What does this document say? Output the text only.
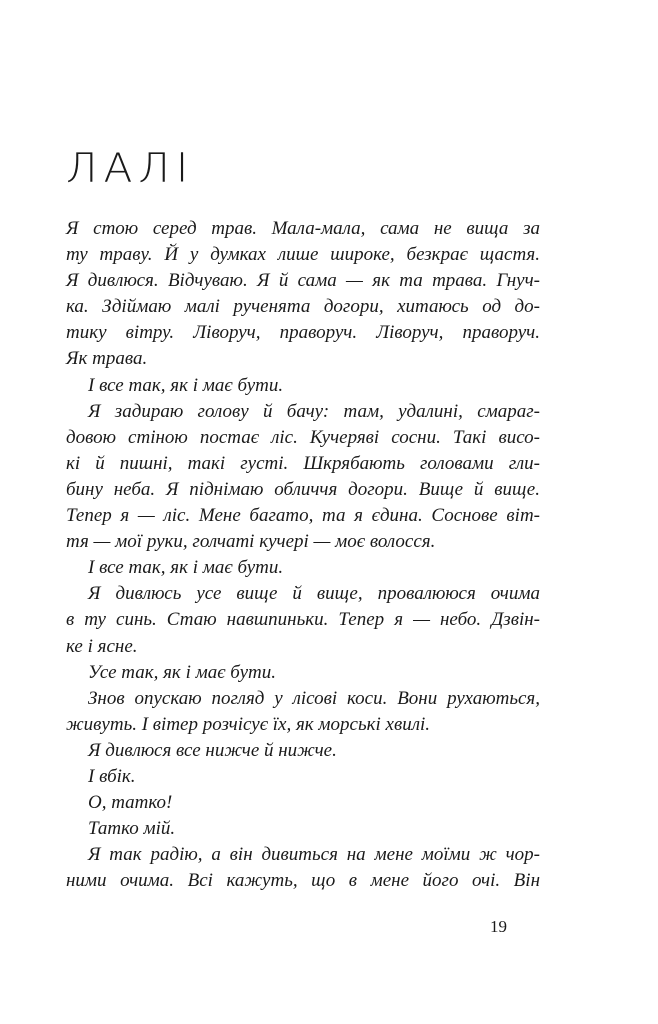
ЛАЛІ
Я стою серед трав. Мала-мала, сама не вища за
ту траву. Й у думках лише широке, безкрає щастя.
Я дивлюся. Відчуваю. Я й сама — як та трава. Гнуч-
ка. Здіймаю малі рученята догори, хитаюсь од до-
тику вітру. Ліворуч, праворуч. Ліворуч, праворуч.
Як трава.
І все так, як і має бути.
Я задираю голову й бачу: там, удалині, смараг-
довою стіною постає ліс. Кучеряві сосни. Такі висо-
кі й пишні, такі густі. Шкрябають головами гли-
бину неба. Я піднімаю обличчя догори. Вище й вище.
Тепер я — ліс. Мене багато, та я єдина. Соснове віт-
тя — мої руки, голчаті кучері — моє волосся.
І все так, як і має бути.
Я дивлюсь усе вище й вище, провалююся очима
в ту синь. Стаю навшпиньки. Тепер я — небо. Дзвін-
ке і ясне.
Усе так, як і має бути.
Знов опускаю погляд у лісові коси. Вони рухаються,
живуть. І вітер розчісує їх, як морські хвилі.
Я дивлюся все нижче й нижче.
І вбік.
О, татко!
Татко мій.
Я так радію, а він дивиться на мене моїми ж чор-
ними очима. Всі кажуть, що в мене його очі. Він
19
